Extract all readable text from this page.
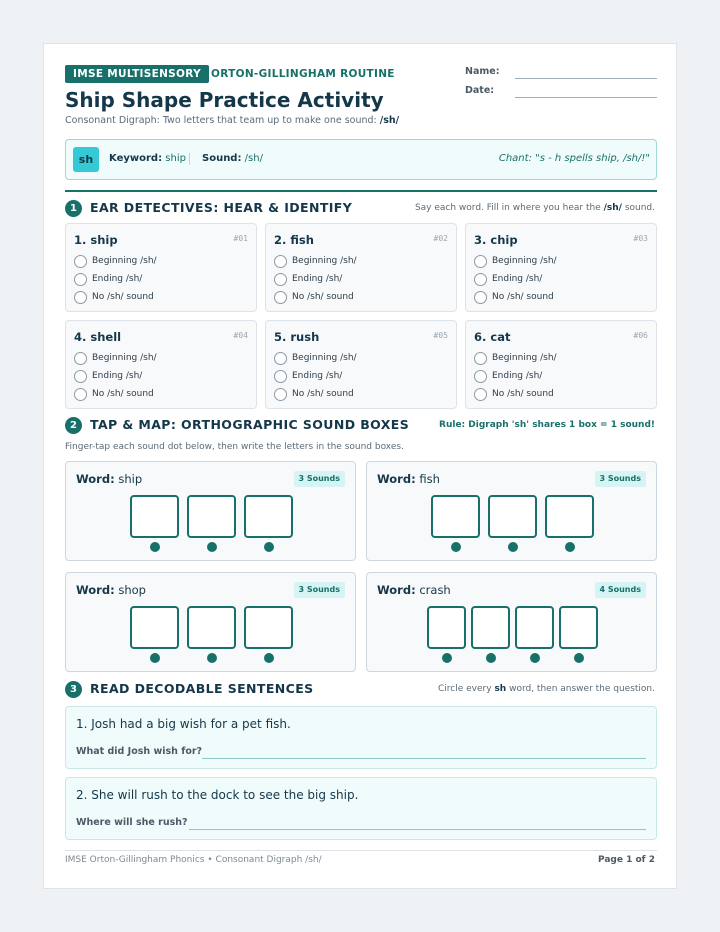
IMSE MULTISENSORY ORTON-GILLINGHAM ROUTINE
Ship Shape Practice Activity
Consonant Digraph: Two letters that team up to make one sound: /sh/
Name:
Date:
sh	Keyword: ship Sound: /sh/	Chant: "s - h spells ship, /sh/!"
1	EAR DETECTIVES: HEAR & IDENTIFY	Say each word. Fill in where you hear the /sh/ sound.
1. ship	#01
Beginning /sh/
Ending /sh/
No /sh/ sound
2. fish	#02
Beginning /sh/
Ending /sh/
No /sh/ sound
3. chip	#03
Beginning /sh/
Ending /sh/
No /sh/ sound
4. shell	#04
Beginning /sh/
Ending /sh/
No /sh/ sound
5. rush	#05
Beginning /sh/
Ending /sh/
No /sh/ sound
6. cat	#06
Beginning /sh/
Ending /sh/
No /sh/ sound
2	TAP & MAP: ORTHOGRAPHIC SOUND BOXES	Rule: Digraph 'sh' shares 1 box = 1 sound!
Finger-tap each sound dot below, then write the letters in the sound boxes.
Word: ship	3 Sounds	Word: fish	3 Sounds
Word: shop	3 Sounds	Word: crash	4 Sounds
3	READ DECODABLE SENTENCES	Circle every sh word, then answer the question.
1. Josh had a big wish for a pet fish.
What did Josh wish for?
2. She will rush to the dock to see the big ship.
Where will she rush?
IMSE Orton-Gillingham Phonics • Consonant Digraph /sh/	Page 1 of 2
